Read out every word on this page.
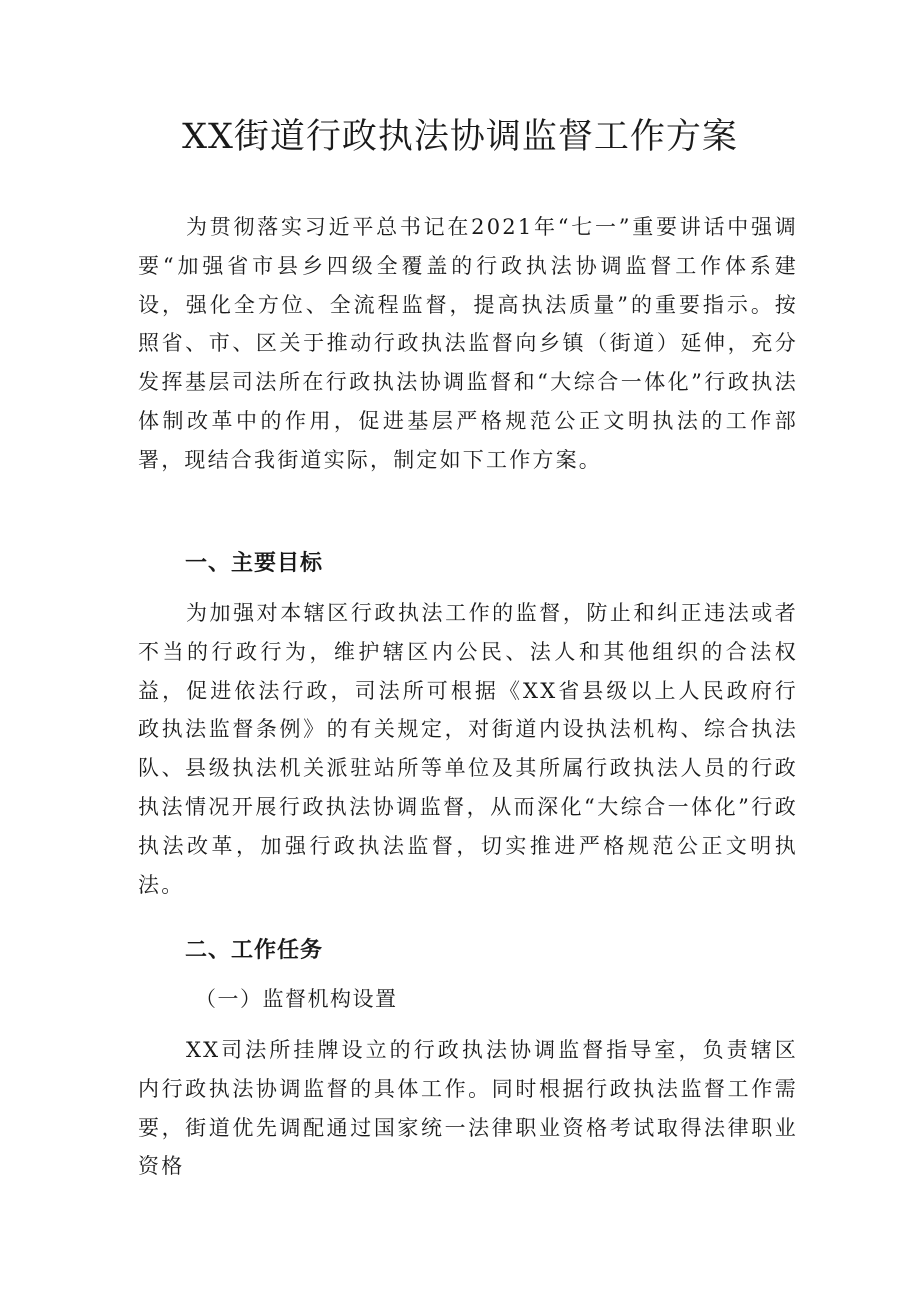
XX街道行政执法协调监督工作方案

为贯彻落实习近平总书记在2021年“七一”重要讲话中强调要“加强省市县乡四级全覆盖的行政执法协调监督工作体系建设，强化全方位、全流程监督，提高执法质量”的重要指示。按照省、市、区关于推动行政执法监督向乡镇（街道）延伸，充分发挥基层司法所在行政执法协调监督和“大综合一体化”行政执法体制改革中的作用，促进基层严格规范公正文明执法的工作部署，现结合我街道实际，制定如下工作方案。

一、主要目标

为加强对本辖区行政执法工作的监督，防止和纠正违法或者不当的行政行为，维护辖区内公民、法人和其他组织的合法权益，促进依法行政，司法所可根据《XX省县级以上人民政府行政执法监督条例》的有关规定，对街道内设执法机构、综合执法队、县级执法机关派驻站所等单位及其所属行政执法人员的行政执法情况开展行政执法协调监督，从而深化“大综合一体化”行政执法改革，加强行政执法监督，切实推进严格规范公正文明执法。

二、工作任务

（一）监督机构设置

XX司法所挂牌设立的行政执法协调监督指导室，负责辖区内行政执法协调监督的具体工作。同时根据行政执法监督工作需要，街道优先调配通过国家统一法律职业资格考试取得法律职业资格
